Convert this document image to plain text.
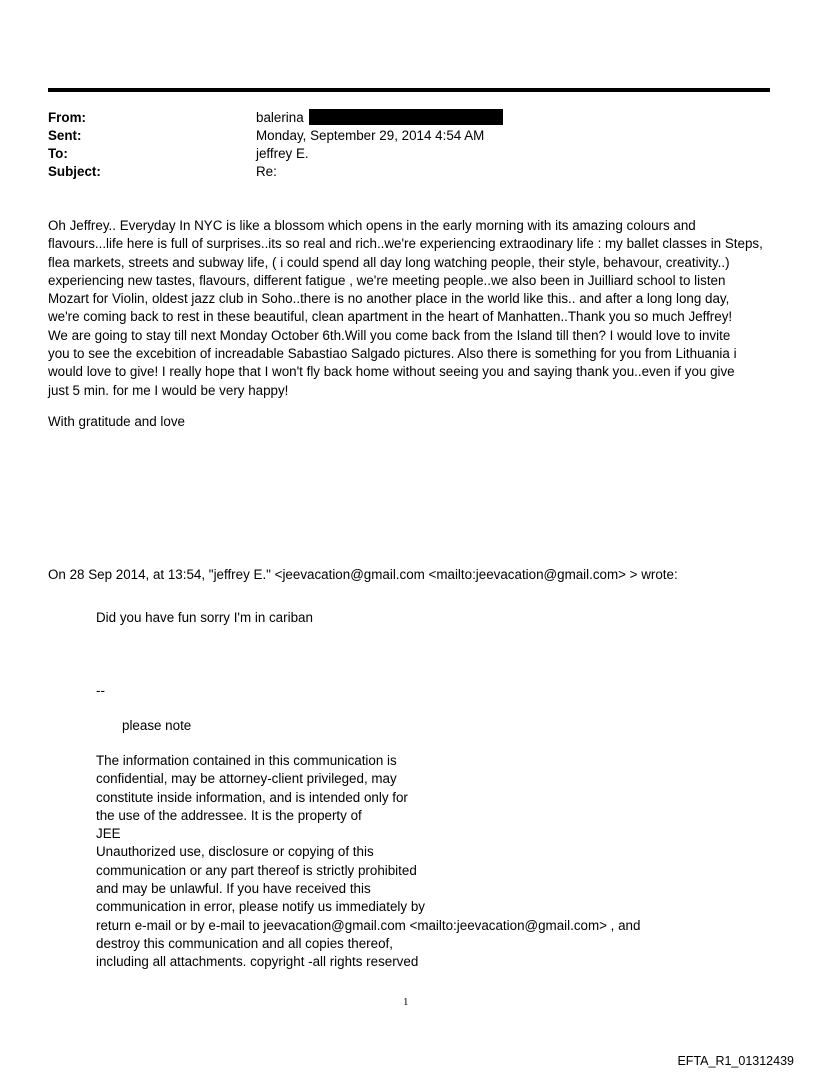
From:	balerina
Sent:	Monday, September 29, 2014 4:54 AM
To:	jeffrey E.
Subject:	Re:
Oh Jeffrey.. Everyday In NYC is like a blossom which opens in the early morning with its amazing colours and
flavours...life here is full of surprises..its so real and rich..we're experiencing extraodinary life : my ballet classes in Steps,
flea markets, streets and subway life, ( i could spend all day long watching people, their style, behavour, creativity..)
experiencing new tastes, flavours, different fatigue , we're meeting people..we also been in Juilliard school to listen
Mozart for Violin, oldest jazz club in Soho..there is no another place in the world like this.. and after a long long day,
we're coming back to rest in these beautiful, clean apartment in the heart of Manhatten..Thank you so much Jeffrey!
We are going to stay till next Monday October 6th.Will you come back from the Island till then? I would love to invite
you to see the excebition of increadable Sabastiao Salgado pictures. Also there is something for you from Lithuania i
would love to give! I really hope that I won't fly back home without seeing you and saying thank you..even if you give
just 5 min. for me I would be very happy!
With gratitude and love
On 28 Sep 2014, at 13:54, "jeffrey E." <jeevacation@gmail.com <mailto:jeevacation@gmail.com> > wrote:
Did you have fun sorry I'm in cariban
--
please note
The information contained in this communication is
confidential, may be attorney-client privileged, may
constitute inside information, and is intended only for
the use of the addressee. It is the property of
JEE
Unauthorized use, disclosure or copying of this
communication or any part thereof is strictly prohibited
and may be unlawful. If you have received this
communication in error, please notify us immediately by
return e-mail or by e-mail to jeevacation@gmail.com <mailto:jeevacation@gmail.com> , and
destroy this communication and all copies thereof,
including all attachments. copyright -all rights reserved
1
EFTA_R1_01312439
